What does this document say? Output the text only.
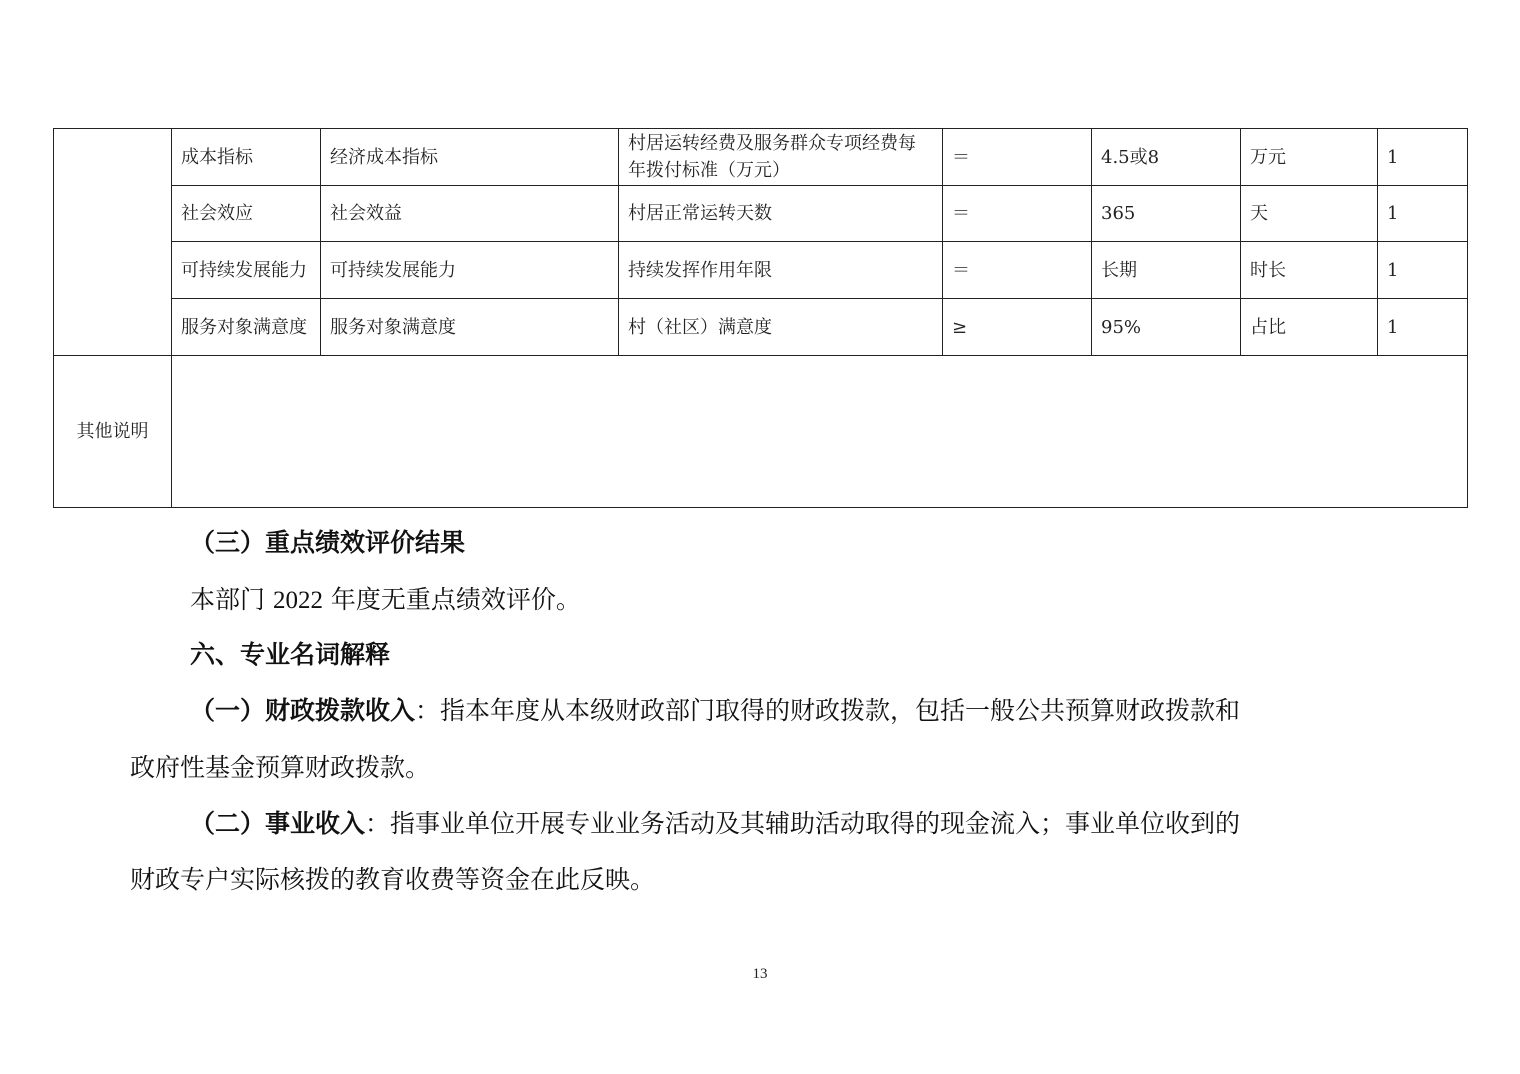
	成本指标	经济成本指标	村居运转经费及服务群众专项经费每年拨付标准（万元）	＝	4.5或8	万元	1
	社会效应	社会效益	村居正常运转天数	＝	365	天	1
	可持续发展能力	可持续发展能力	持续发挥作用年限	＝	长期	时长	1
	服务对象满意度	服务对象满意度	村（社区）满意度	≥	95%	占比	1
其他说明							
（三）重点绩效评价结果
本部门 2022 年度无重点绩效评价。
六、专业名词解释
（一）财政拨款收入：指本年度从本级财政部门取得的财政拨款，包括一般公共预算财政拨款和
政府性基金预算财政拨款。
（二）事业收入：指事业单位开展专业业务活动及其辅助活动取得的现金流入；事业单位收到的
财政专户实际核拨的教育收费等资金在此反映。
13
